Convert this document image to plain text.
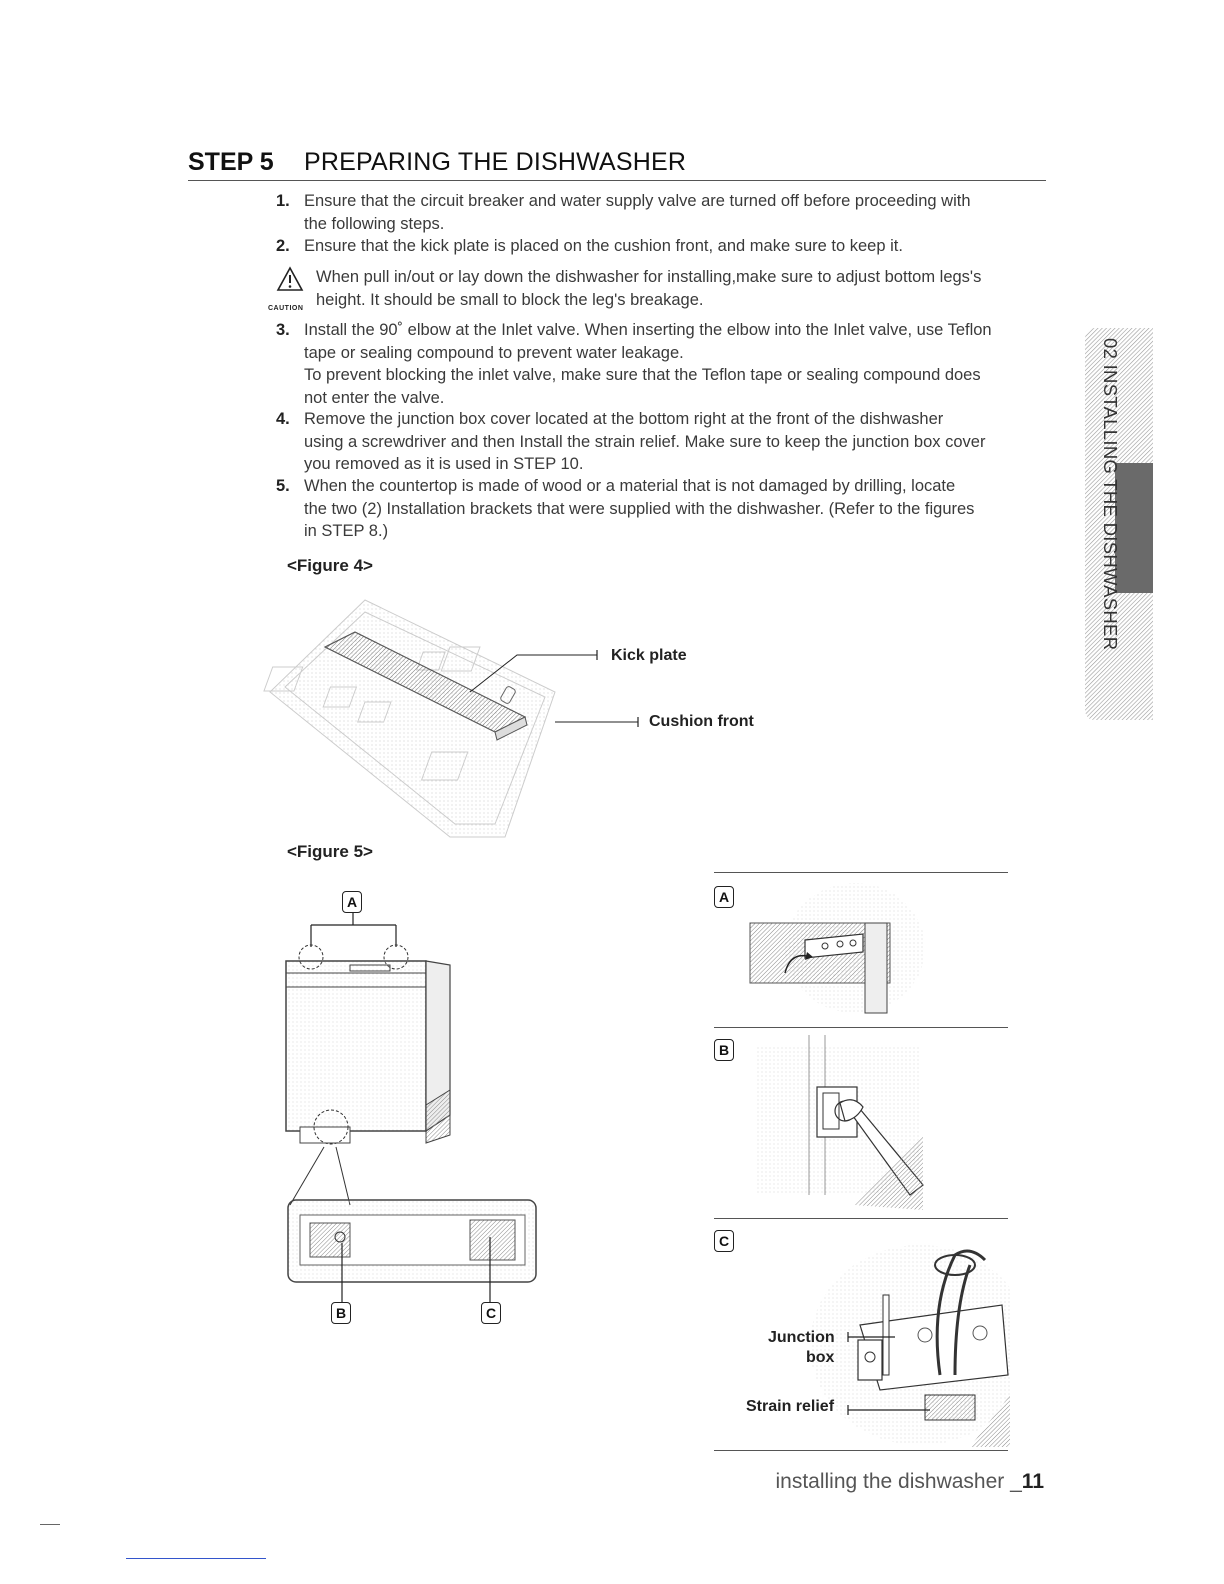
STEP 5 PREPARING THE DISHWASHER
1. Ensure that the circuit breaker and water supply valve are turned off before proceeding with
the following steps.
2. Ensure that the kick plate is placed on the cushion front, and make sure to keep it.
CAUTION
When pull in/out or lay down the dishwasher for installing,make sure to adjust bottom legs's
height. It should be small to block the leg's breakage.
3. Install the 90˚ elbow at the Inlet valve. When inserting the elbow into the Inlet valve, use Teflon
tape or sealing compound to prevent water leakage.
To prevent blocking the inlet valve, make sure that the Teflon tape or sealing compound does
not enter the valve.
4. Remove the junction box cover located at the bottom right at the front of the dishwasher
using a screwdriver and then Install the strain relief. Make sure to keep the junction box cover
you removed as it is used in STEP 10.
5. When the countertop is made of wood or a material that is not damaged by drilling, locate
the two (2) Installation brackets that were supplied with the dishwasher. (Refer to the figures
in STEP 8.)
<Figure 4>
Kick plate
Cushion front
<Figure 5>
A
B	C
A
B
C
Junction
box
Strain relief
02 INSTALLING THE DISHWASHER
installing the dishwasher _11
